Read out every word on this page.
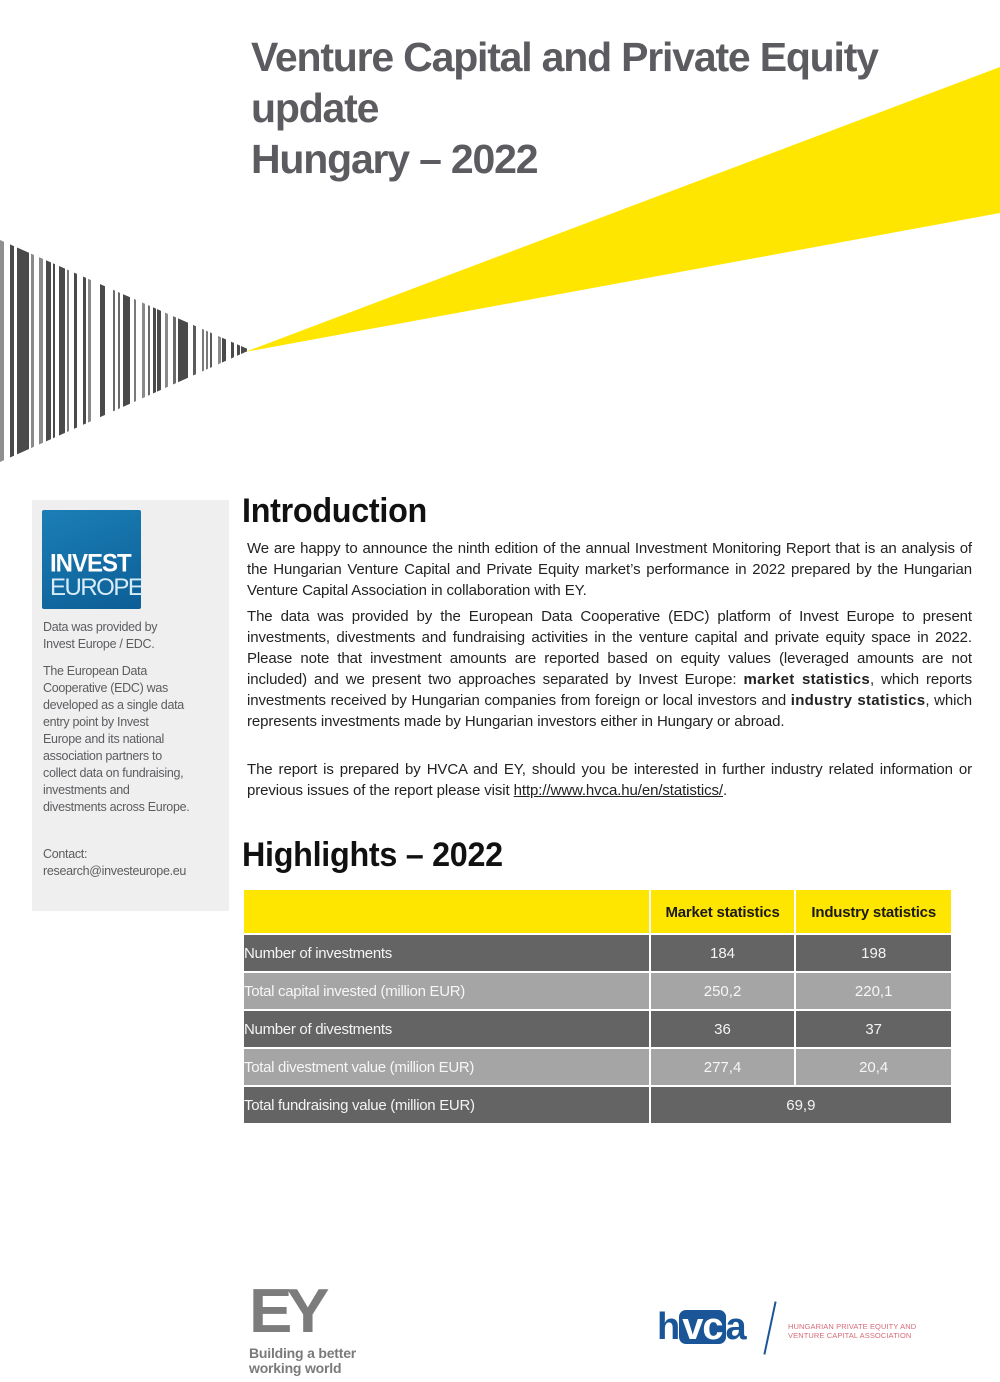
Venture Capital and Private Equity
update
Hungary – 2022
INVEST
EUROPE
Data was provided by
Invest Europe / EDC.
The European Data
Cooperative (EDC) was
developed as a single data
entry point by Invest
Europe and its national
association partners to
collect data on fundraising,
investments and
divestments across Europe.
Contact:
research@investeurope.eu
Introduction

We are happy to announce the ninth edition of the annual Investment Monitoring Report that is an analysis of the Hungarian Venture Capital and Private Equity market’s performance in 2022 prepared by the Hungarian Venture Capital Association in collaboration with EY.

The data was provided by the European Data Cooperative (EDC) platform of Invest Europe to present investments, divestments and fundraising activities in the venture capital and private equity space in 2022. Please note that investment amounts are reported based on equity values (leveraged amounts are not included) and we present two approaches separated by Invest Europe: market statistics, which reports investments received by Hungarian companies from foreign or local investors and industry statistics, which represents investments made by Hungarian investors either in Hungary or abroad.

The report is prepared by HVCA and EY, should you be interested in further industry related information or previous issues of the report please visit http://www.hvca.hu/en/statistics/.

Highlights – 2022
	Market statistics	Industry statistics
Number of investments	184	198
Total capital invested (million EUR)	250,2	220,1
Number of divestments	36	37
Total divestment value (million EUR)	277,4	20,4
Total fundraising value (million EUR)	69,9	
EY
Building a better
working world
hvca	HUNGARIAN PRIVATE EQUITY AND
VENTURE CAPITAL ASSOCIATION
